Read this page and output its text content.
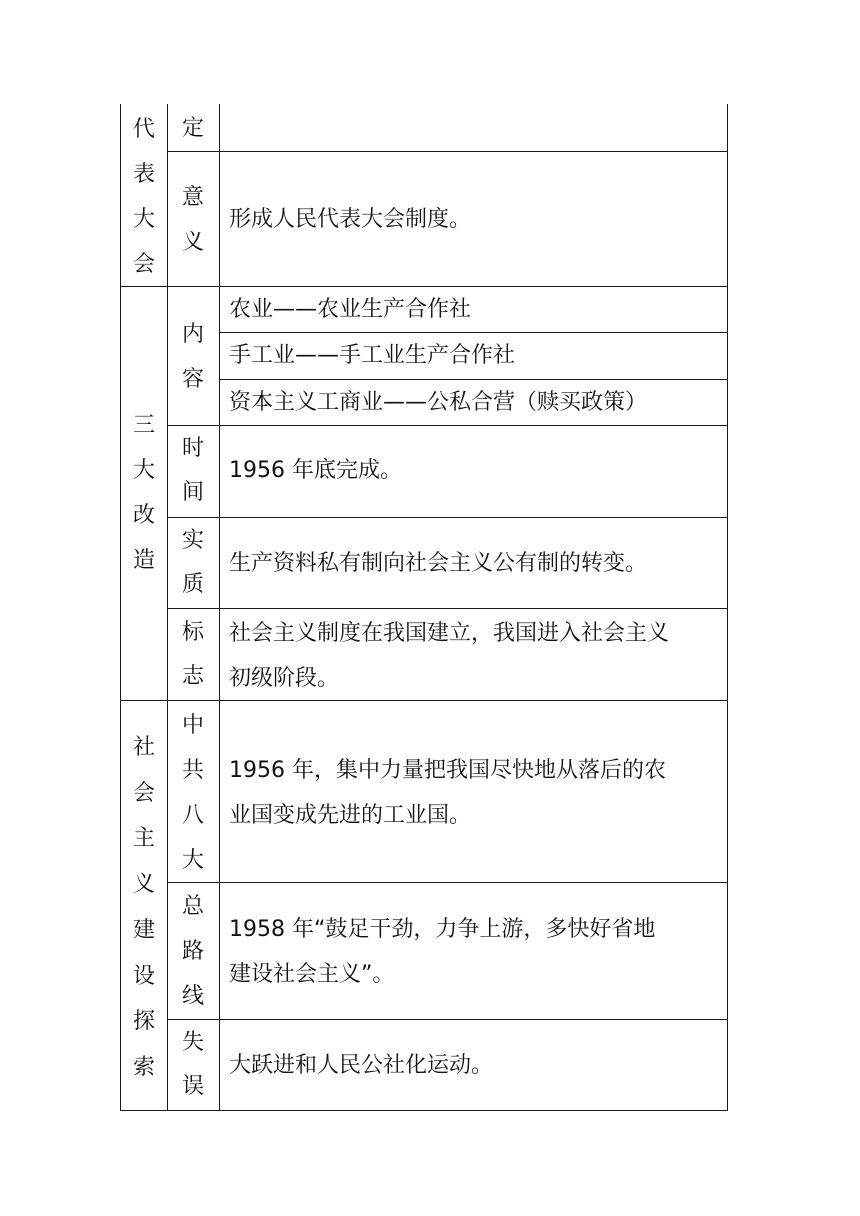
代
表
大
会
定
意
义
形成人民代表大会制度。
三
大
改
造
内
容
农业——农业生产合作社
手工业——手工业生产合作社
资本主义工商业——公私合营（赎买政策）
时
间
1956 年底完成。
实
质
生产资料私有制向社会主义公有制的转变。
标
志
社会主义制度在我国建立，我国进入社会主义
初级阶段。
社
会
主
义
建
设
探
索
中
共
八
大
1956 年，集中力量把我国尽快地从落后的农
业国变成先进的工业国。
总
路
线
1958 年“鼓足干劲，力争上游，多快好省地
建设社会主义”。
失
误
大跃进和人民公社化运动。
